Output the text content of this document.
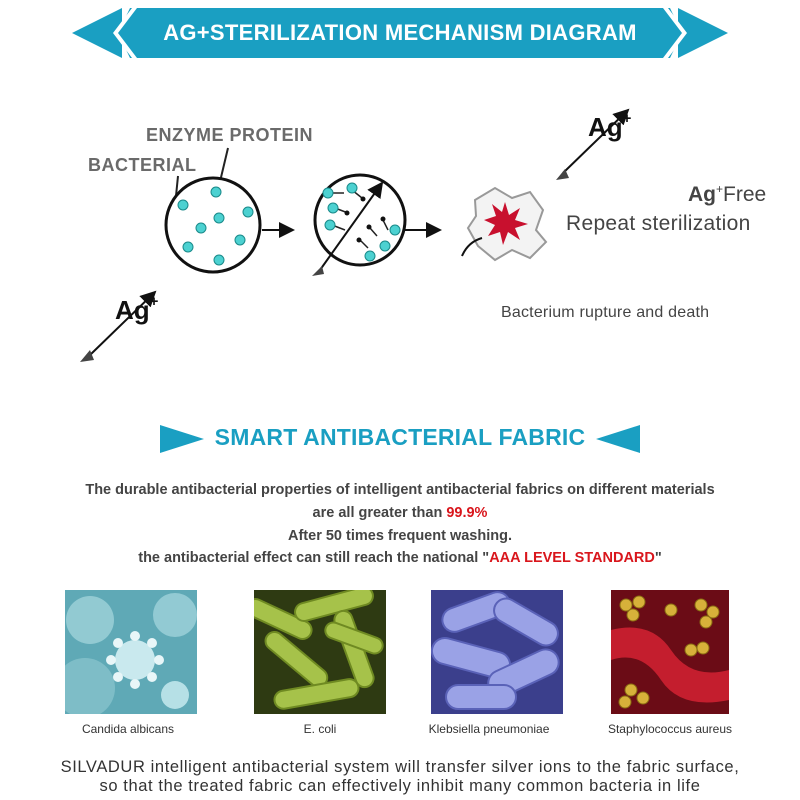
AG+STERILIZATION MECHANISM DIAGRAM
ENZYME PROTEIN
BACTERIAL
Ag+
Ag+
Ag+Free
Repeat sterilization
Bacterium rupture and death
SMART ANTIBACTERIAL FABRIC
The durable antibacterial properties of intelligent antibacterial fabrics on different materials
are all greater than 99.9%
After 50 times frequent washing.
the antibacterial effect can still reach the national "AAA LEVEL STANDARD"
Candida albicans	E. coli	Klebsiella pneumoniae	Staphylococcus aureus
SILVADUR intelligent antibacterial system will transfer silver ions to the fabric surface,
so that the treated fabric can effectively inhibit many common bacteria in life
